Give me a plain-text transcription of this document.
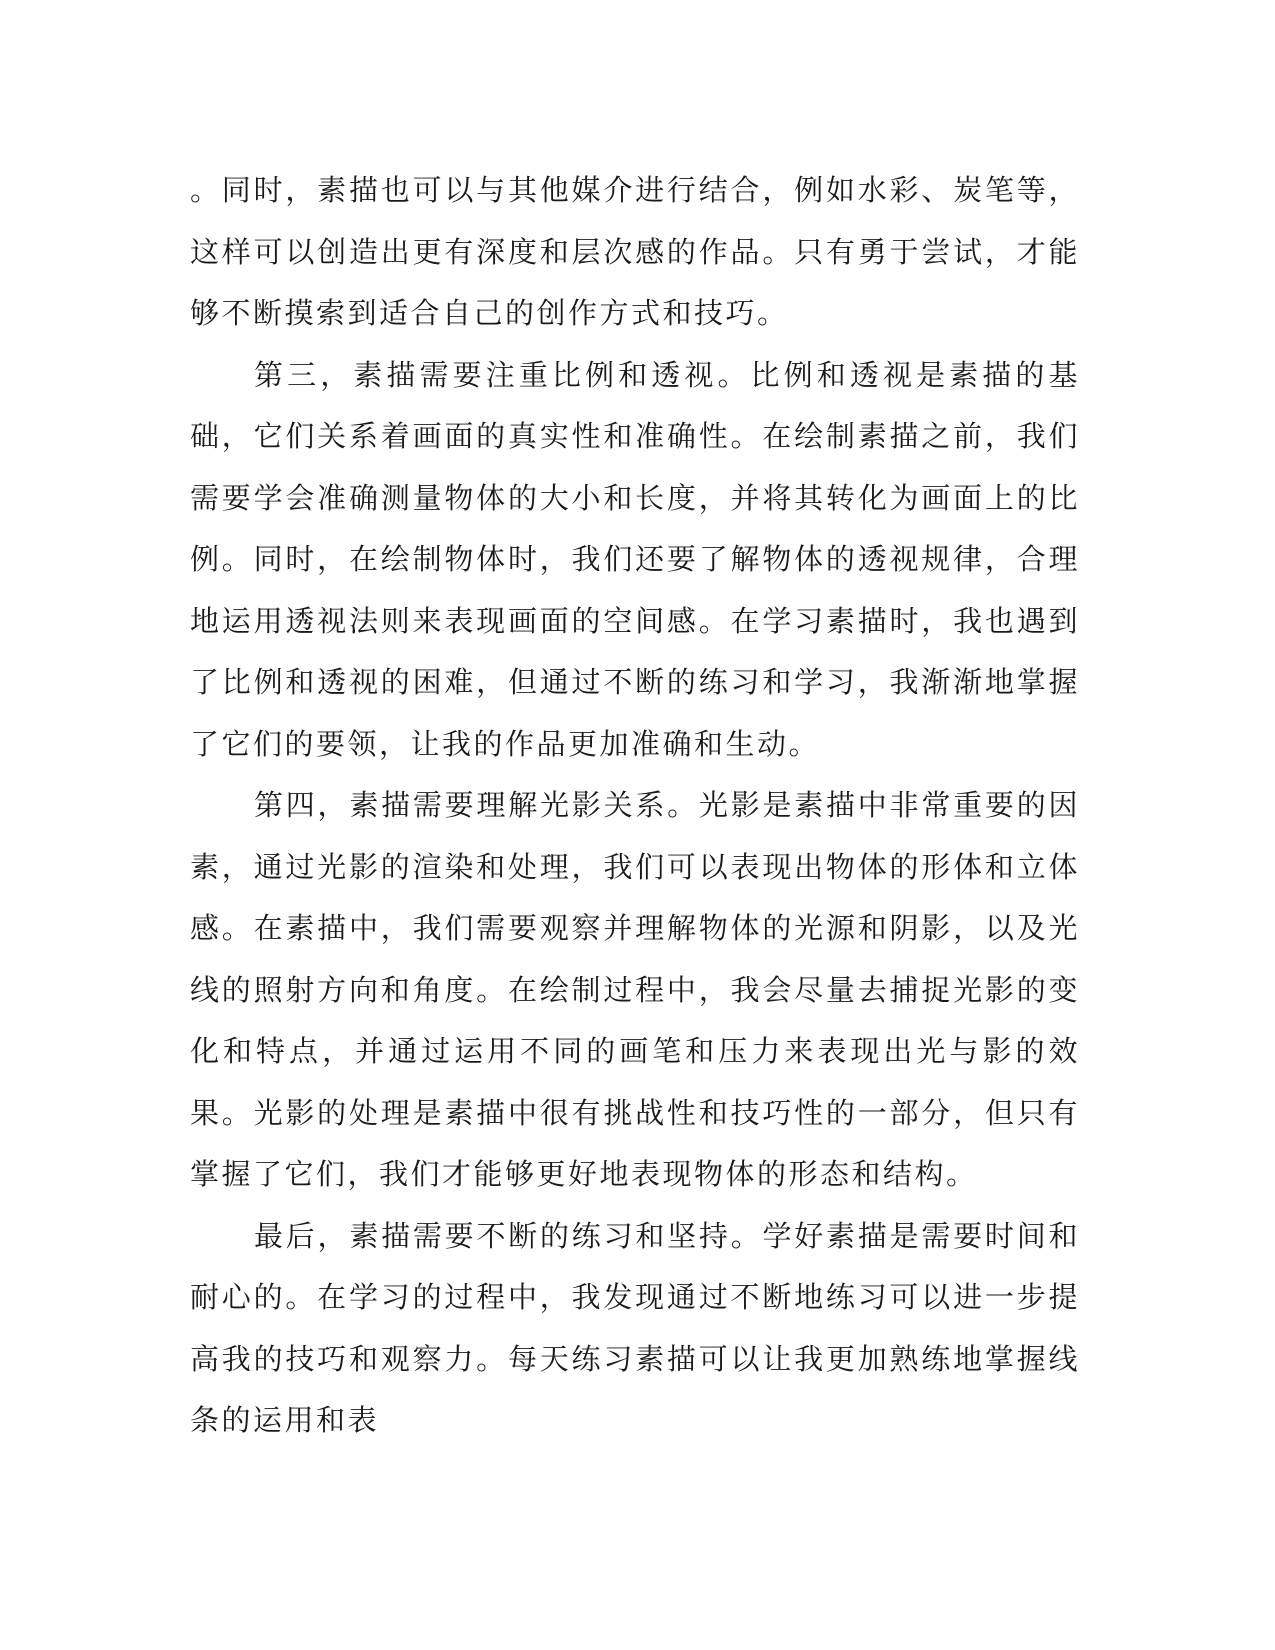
。同时，素描也可以与其他媒介进行结合，例如水彩、炭笔等，这样可以创造出更有深度和层次感的作品。只有勇于尝试，才能够不断摸索到适合自己的创作方式和技巧。

第三，素描需要注重比例和透视。比例和透视是素描的基础，它们关系着画面的真实性和准确性。在绘制素描之前，我们需要学会准确测量物体的大小和长度，并将其转化为画面上的比例。同时，在绘制物体时，我们还要了解物体的透视规律，合理地运用透视法则来表现画面的空间感。在学习素描时，我也遇到了比例和透视的困难，但通过不断的练习和学习，我渐渐地掌握了它们的要领，让我的作品更加准确和生动。

第四，素描需要理解光影关系。光影是素描中非常重要的因素，通过光影的渲染和处理，我们可以表现出物体的形体和立体感。在素描中，我们需要观察并理解物体的光源和阴影，以及光线的照射方向和角度。在绘制过程中，我会尽量去捕捉光影的变化和特点，并通过运用不同的画笔和压力来表现出光与影的效果。光影的处理是素描中很有挑战性和技巧性的一部分，但只有掌握了它们，我们才能够更好地表现物体的形态和结构。

最后，素描需要不断的练习和坚持。学好素描是需要时间和耐心的。在学习的过程中，我发现通过不断地练习可以进一步提高我的技巧和观察力。每天练习素描可以让我更加熟练地掌握线条的运用和表
